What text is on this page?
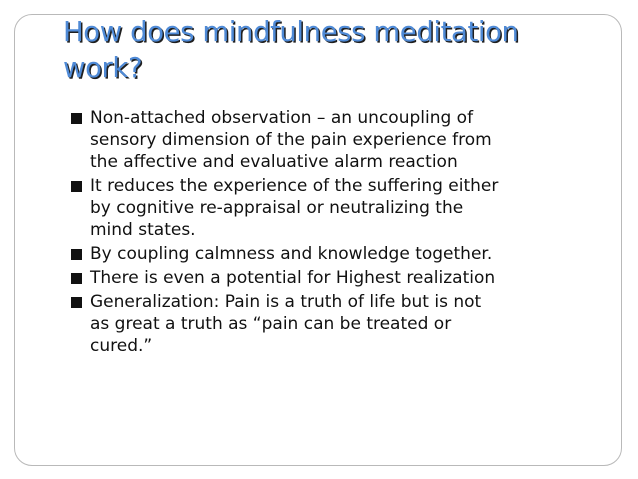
How does mindfulness meditation
work?
Non-attached observation – an uncoupling of
sensory dimension of the pain experience from
the affective and evaluative alarm reaction
It reduces the experience of the suffering either
by cognitive re-appraisal or neutralizing the
mind states.
By coupling calmness and knowledge together.
There is even a potential for Highest realization
Generalization: Pain is a truth of life but is not
as great a truth as “pain can be treated or
cured.”
